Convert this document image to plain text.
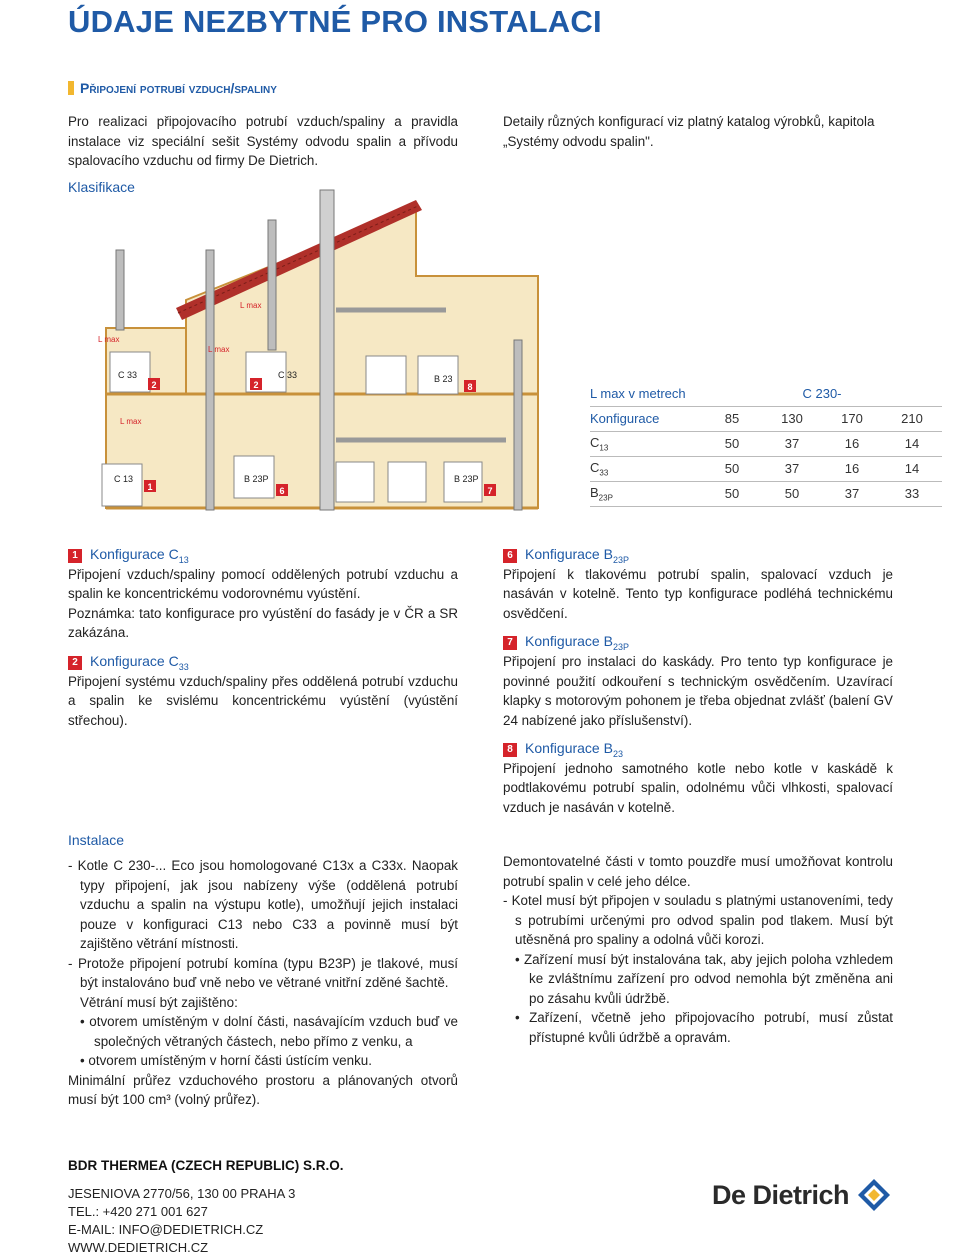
ÚDAJE NEZBYTNÉ PRO INSTALACI
Připojení potrubí vzduch/spaliny
Pro realizaci připojovacího potrubí vzduch/spaliny a pravidla instalace viz speciální sešit Systémy odvodu spalin a přívodu spalovacího vzduchu od firmy De Dietrich.
Detaily různých konfigurací viz platný katalog výrobků, kapitola „Systémy odvodu spalin".
Klasifikace
L max
L max
L max
L max
C 33	C 33	B 23
C 13	B 23P	B 23P
2	2	8
1	6	7
L max v metrech	C 230-			
Konfigurace	85	130	170	210
$C_{13}$	50	37	16	14
$C_{33}$	50	37	16	14
$B_{23P}$	50	50	37	33
1 Konfigurace $C_{13}$
Připojení vzduch/spaliny pomocí oddělených potrubí vzduchu a spalin ke koncentrickému vodorovnému vyústění.
Poznámka: tato konfigurace pro vyústění do fasády je v ČR a SR zakázána.
2 Konfigurace $C_{33}$
Připojení systému vzduch/spaliny přes oddělená potrubí vzduchu a spalin ke svislému koncentrickému vyústění (vyústění střechou).
6 Konfigurace $B_{23P}$
Připojení k tlakovému potrubí spalin, spalovací vzduch je nasáván v kotelně. Tento typ konfigurace podléhá technickému osvědčení.
7 Konfigurace $B_{23P}$
Připojení pro instalaci do kaskády. Pro tento typ konfigurace je povinné použití odkouření s technickým osvědčením. Uzavírací klapky s motorovým pohonem je třeba objednat zvlášť (balení GV 24 nabízené jako příslušenství).
8 Konfigurace $B_{23}$
Připojení jednoho samotného kotle nebo kotle v kaskádě k podtlakovému potrubí spalin, odolnému vůči vlhkosti, spalovací vzduch je nasáván v kotelně.
Instalace
- Kotle C 230-... Eco jsou homologované C13x a C33x. Naopak typy připojení, jak jsou nabízeny výše (oddělená potrubí vzduchu a spalin na výstupu kotle), umožňují jejich instalaci pouze v konfiguraci C13 nebo C33 a povinně musí být zajištěno větrání místnosti.
- Protože připojení potrubí komína (typu B23P) je tlakové, musí být instalováno buď vně nebo ve větrané vnitřní zděné šachtě.
Větrání musí být zajištěno:
• otvorem umístěným v dolní části, nasávajícím vzduch buď ve společných větraných částech, nebo přímo z venku, a
• otvorem umístěným v horní části ústícím venku.
Minimální průřez vzduchového prostoru a plánovaných otvorů musí být 100 cm³ (volný průřez).
Demontovatelné části v tomto pouzdře musí umožňovat kontrolu potrubí spalin v celé jeho délce.
- Kotel musí být připojen v souladu s platnými ustanoveními, tedy s potrubími určenými pro odvod spalin pod tlakem. Musí být utěsněná pro spaliny a odolná vůči korozi.
• Zařízení musí být instalována tak, aby jejich poloha vzhledem ke zvláštnímu zařízení pro odvod nemohla být změněna ani po zásahu kvůli údržbě.
• Zařízení, včetně jeho připojovacího potrubí, musí zůstat přístupné kvůli údržbě a opravám.
BDR THERMEA (CZECH REPUBLIC) S.R.O.
JESENIOVA 2770/56, 130 00 PRAHA 3
TEL.: +420 271 001 627
E-MAIL: INFO@DEDIETRICH.CZ
WWW.DEDIETRICH.CZ
De Dietrich
